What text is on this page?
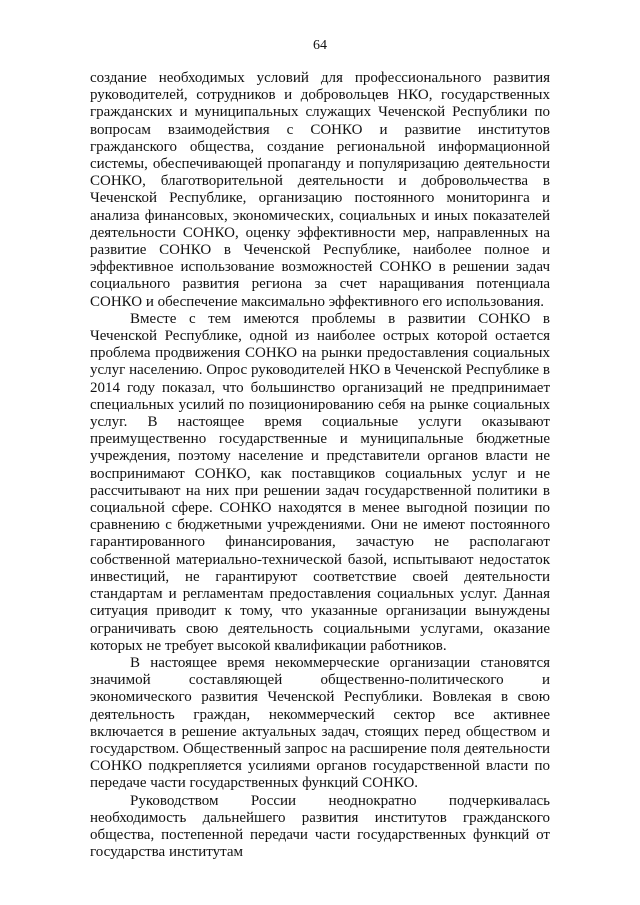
64

создание необходимых условий для профессионального развития руководителей, сотрудников и добровольцев НКО, государственных гражданских и муниципальных служащих Чеченской Республики по вопросам взаимодействия с СОНКО и развитие институтов гражданского общества, создание региональной информационной системы, обеспечивающей пропаганду и популяризацию деятельности СОНКО, благотворительной деятельности и добровольчества в Чеченской Республике, организацию постоянного мониторинга и анализа финансовых, экономических, социальных и иных показателей деятельности СОНКО, оценку эффективности мер, направленных на развитие СОНКО в Чеченской Республике, наиболее полное и эффективное использование возможностей СОНКО в решении задач социального развития региона за счет наращивания потенциала СОНКО и обеспечение максимально эффективного его использования.

Вместе с тем имеются проблемы в развитии СОНКО в Чеченской Республике, одной из наиболее острых которой остается проблема продвижения СОНКО на рынки предоставления социальных услуг населению. Опрос руководителей НКО в Чеченской Республике в 2014 году показал, что большинство организаций не предпринимает специальных усилий по позиционированию себя на рынке социальных услуг. В настоящее время социальные услуги оказывают преимущественно государственные и муниципальные бюджетные учреждения, поэтому население и представители органов власти не воспринимают СОНКО, как поставщиков социальных услуг и не рассчитывают на них при решении задач государственной политики в социальной сфере. СОНКО находятся в менее выгодной позиции по сравнению с бюджетными учреждениями. Они не имеют постоянного гарантированного финансирования, зачастую не располагают собственной материально-технической базой, испытывают недостаток инвестиций, не гарантируют соответствие своей деятельности стандартам и регламентам предоставления социальных услуг. Данная ситуация приводит к тому, что указанные организации вынуждены ограничивать свою деятельность социальными услугами, оказание которых не требует высокой квалификации работников.

В настоящее время некоммерческие организации становятся значимой составляющей общественно-политического и экономического развития Чеченской Республики. Вовлекая в свою деятельность граждан, некоммерческий сектор все активнее включается в решение актуальных задач, стоящих перед обществом и государством. Общественный запрос на расширение поля деятельности СОНКО подкрепляется усилиями органов государственной власти по передаче части государственных функций СОНКО.

Руководством России неоднократно подчеркивалась необходимость дальнейшего развития институтов гражданского общества, постепенной передачи части государственных функций от государства институтам
